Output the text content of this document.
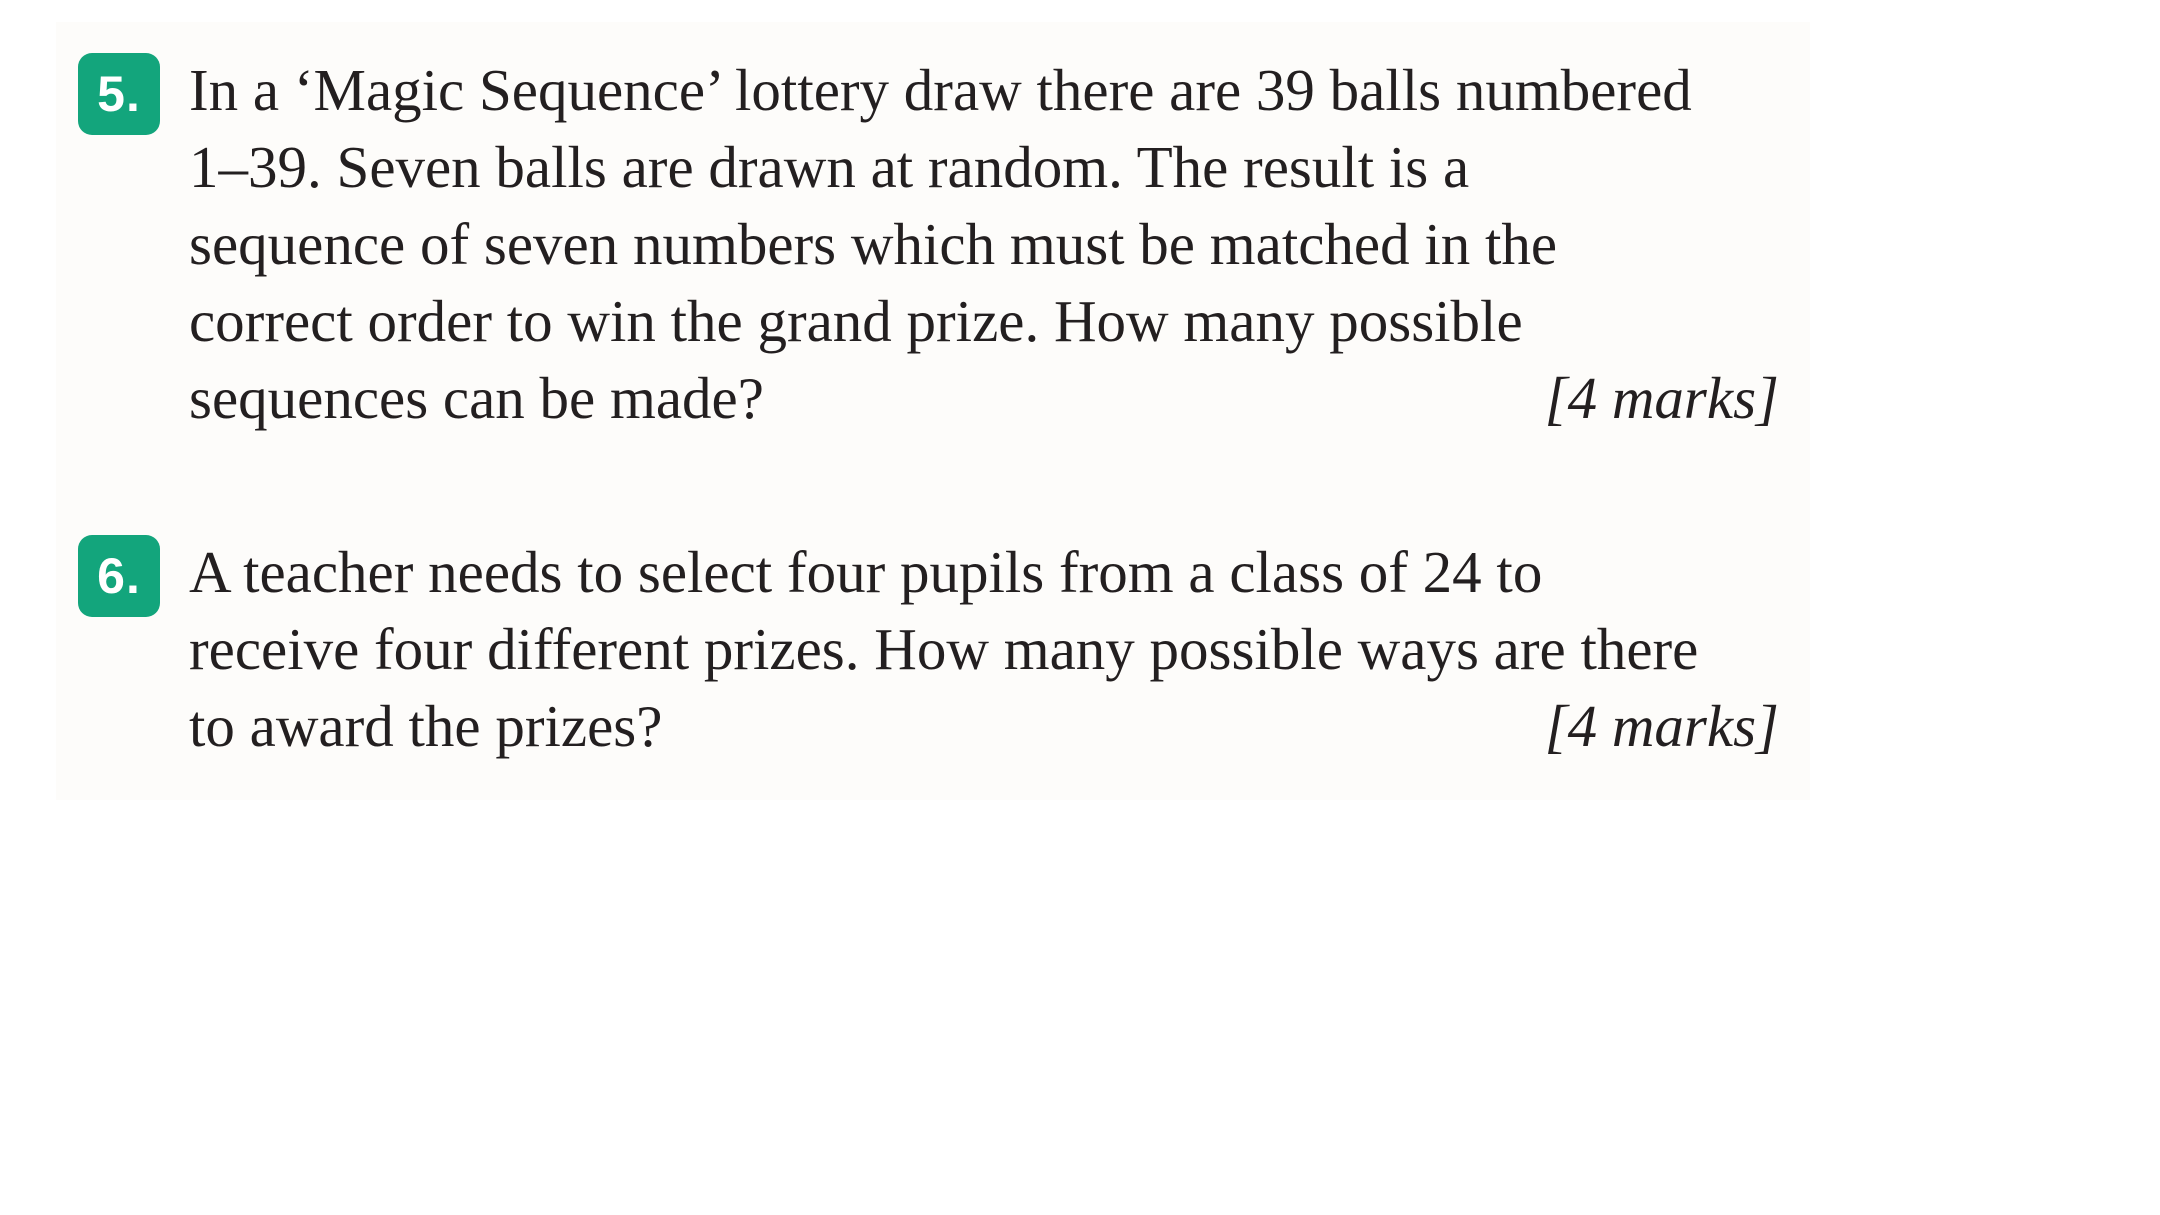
5. In a ‘Magic Sequence’ lottery draw there are 39 balls numbered
1–39. Seven balls are drawn at random. The result is a
sequence of seven numbers which must be matched in the
correct order to win the grand prize. How many possible
sequences can be made?	[4 marks]
6. A teacher needs to select four pupils from a class of 24 to
receive four different prizes. How many possible ways are there
to award the prizes?	[4 marks]
